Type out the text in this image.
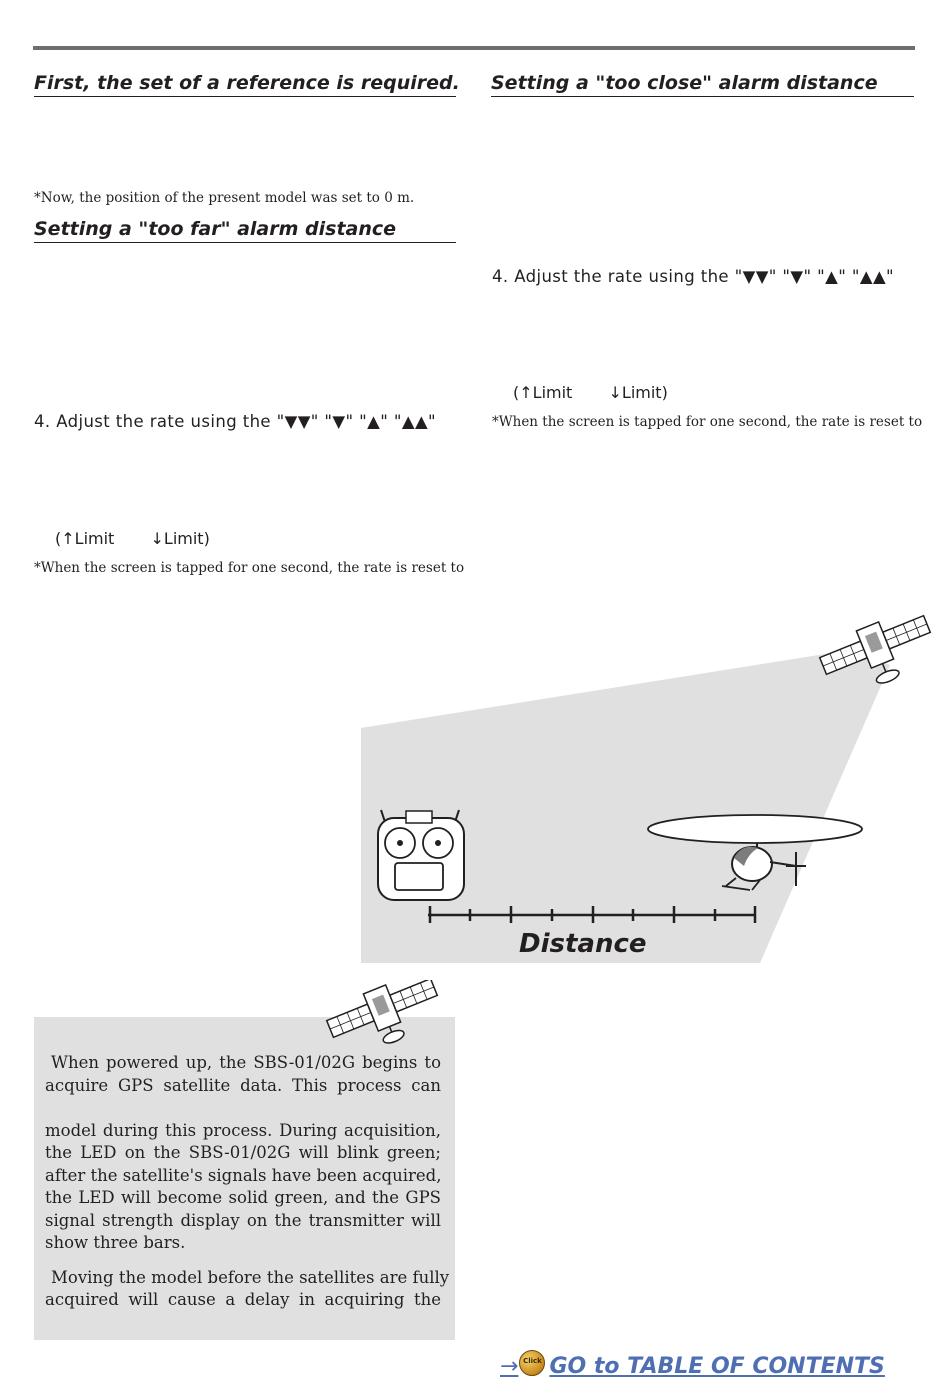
First, the set of a reference is required.
*Now, the position of the present model was set to 0 m.
Setting a "too far" alarm distance
4. Adjust the rate using the "▼▼" "▼" "▲" "▲▲"
(↑Limit ↓Limit)
*When the screen is tapped for one second, the rate is reset to
Setting a "too close" alarm distance
4. Adjust the rate using the "▼▼" "▼" "▲" "▲▲"
(↑Limit ↓Limit)
*When the screen is tapped for one second, the rate is reset to
Distance
When powered up, the SBS-01/02G begins to
acquire GPS satellite data. This process can
model during this process. During acquisition,
the LED on the SBS-01/02G will blink green;
after the satellite's signals have been acquired,
the LED will become solid green, and the GPS
signal strength display on the transmitter will
show three bars.
Moving the model before the satellites are fully
acquired will cause a delay in acquiring the
→ Click GO to TABLE OF CONTENTS
